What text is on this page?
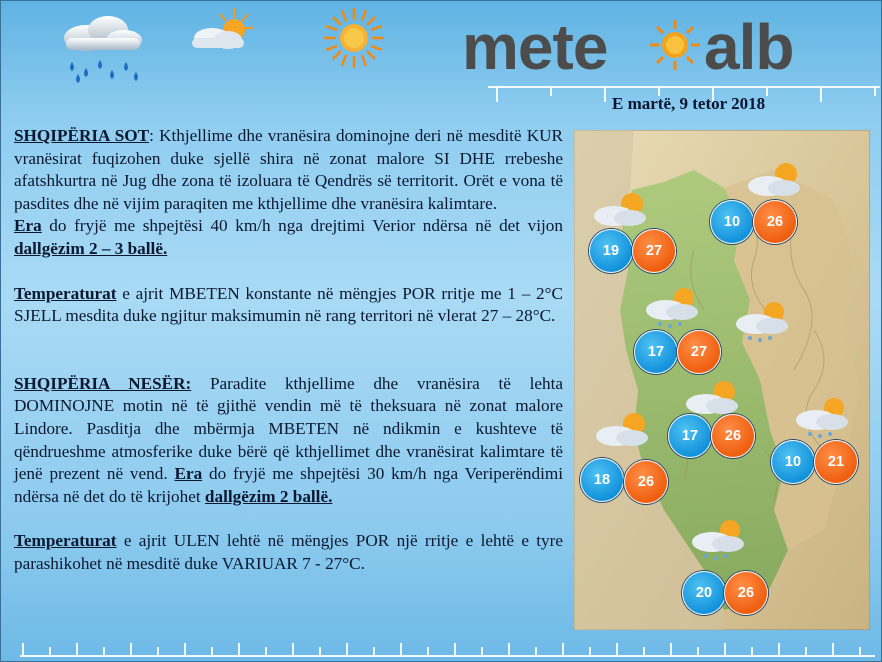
mete alb
E martë, 9 tetor 2018

SHQIPËRIA SOT: Kthjellime dhe vranësira dominojne deri në mesditë KUR vranësirat fuqizohen duke sjellë shira në zonat malore SI DHE rrebeshe afatshkurtra në Jug dhe zona të izoluara të Qendrës së territorit. Orët e vona të pasdites dhe në vijim paraqiten me kthjellime dhe vranësira kalimtare.
Era do fryjë me shpejtësi 40 km/h nga drejtimi Verior ndërsa në det vijon dallgëzim 2 – 3 ballë.

Temperaturat e ajrit MBETEN konstante në mëngjes POR rritje me 1 – 2°C SJELL mesdita duke ngjitur maksimumin në rang territori në vlerat 27 – 28°C.

SHQIPËRIA NESËR: Paradite kthjellime dhe vranësira të lehta DOMINOJNE motin në të gjithë vendin më të theksuara në zonat malore Lindore. Pasditja dhe mbërmja MBETEN në ndikmin e kushteve të qëndrueshme atmosferike duke bërë që kthjellimet dhe vranësirat kalimtare të jenë prezent në vend. Era do fryjë me shpejtësi 30 km/h nga Veriperëndimi ndërsa në det do të krijohet dallgëzim 2 ballë.

Temperaturat e ajrit ULEN lehtë në mëngjes POR një rritje e lehtë e tyre parashikohet në mesditë duke VARIUAR 7 - 27°C.

19	27
10	26
17	27
17	26
10	21
18	26
20	26
